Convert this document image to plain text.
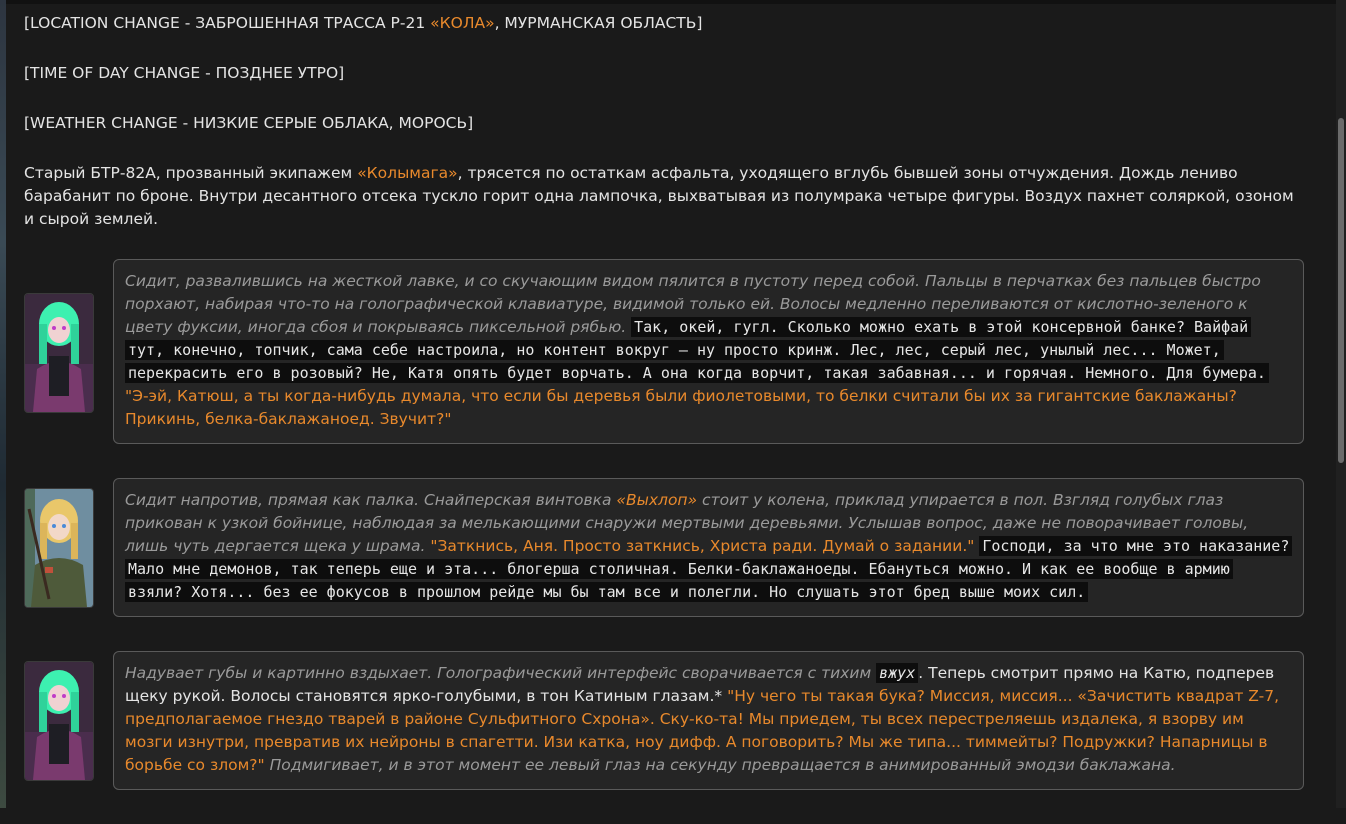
[LOCATION CHANGE - ЗАБРОШЕННАЯ ТРАССА Р-21 «КОЛА», МУРМАНСКАЯ ОБЛАСТЬ]
[TIME OF DAY CHANGE - ПОЗДНЕЕ УТРО]
[WEATHER CHANGE - НИЗКИЕ СЕРЫЕ ОБЛАКА, МОРОСЬ]
Старый БТР-82А, прозванный экипажем «Колымага», трясется по остаткам асфальта, уходящего вглубь бывшей зоны отчуждения. Дождь лениво барабанит по броне. Внутри десантного отсека тускло горит одна лампочка, выхватывая из полумрака четыре фигуры. Воздух пахнет соляркой, озоном и сырой землей.
Сидит, развалившись на жесткой лавке, и со скучающим видом пялится в пустоту перед собой. Пальцы в перчатках без пальцев быстро порхают, набирая что-то на голографической клавиатуре, видимой только ей. Волосы медленно переливаются от кислотно-зеленого к цвету фуксии, иногда сбоя и покрываясь пиксельной рябью. Так, окей, гугл. Сколько можно ехать в этой консервной банке? Вайфай тут, конечно, топчик, сама себе настроила, но контент вокруг – ну просто кринж. Лес, лес, серый лес, унылый лес... Может, перекрасить его в розовый? Не, Катя опять будет ворчать. А она когда ворчит, такая забавная... и горячая. Немного. Для бумера. "Э-эй, Катюш, а ты когда-нибудь думала, что если бы деревья были фиолетовыми, то белки считали бы их за гигантские баклажаны? Прикинь, белка-баклажаноед. Звучит?"
Сидит напротив, прямая как палка. Снайперская винтовка «Выхлоп» стоит у колена, приклад упирается в пол. Взгляд голубых глаз прикован к узкой бойнице, наблюдая за мелькающими снаружи мертвыми деревьями. Услышав вопрос, даже не поворачивает головы, лишь чуть дергается щека у шрама. "Заткнись, Аня. Просто заткнись, Христа ради. Думай о задании." Господи, за что мне это наказание? Мало мне демонов, так теперь еще и эта... блогерша столичная. Белки-баклажаноеды. Ебануться можно. И как ее вообще в армию взяли? Хотя... без ее фокусов в прошлом рейде мы бы там все и полегли. Но слушать этот бред выше моих сил.
Надувает губы и картинно вздыхает. Голографический интерфейс сворачивается с тихим вжух . Теперь смотрит прямо на Катю, подперев щеку рукой. Волосы становятся ярко-голубыми, в тон Катиным глазам.* "Ну чего ты такая бука? Миссия, миссия... «Зачистить квадрат Z-7, предполагаемое гнездо тварей в районе Сульфитного Схрона». Ску-ко-та! Мы приедем, ты всех перестреляешь издалека, я взорву им мозги изнутри, превратив их нейроны в спагетти. Изи катка, ноу дифф. А поговорить? Мы же типа... тиммейты? Подружки? Напарницы в борьбе со злом?" Подмигивает, и в этот момент ее левый глаз на секунду превращается в анимированный эмодзи баклажана.
